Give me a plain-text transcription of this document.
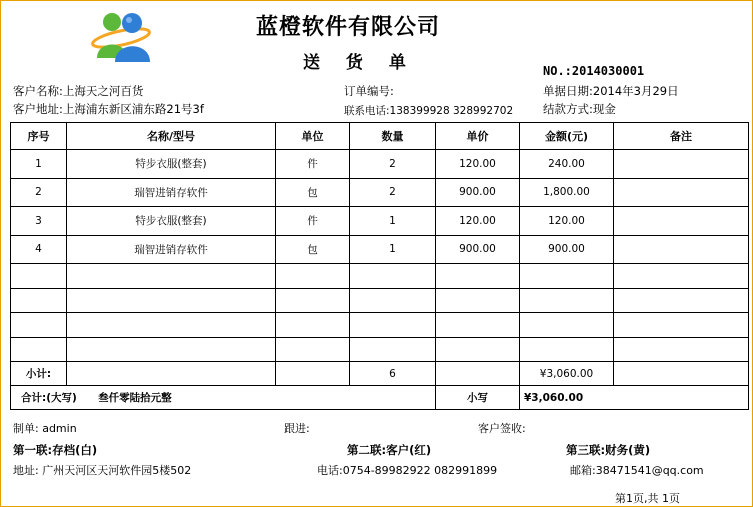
蓝橙软件有限公司
送 货 单	NO.:2014030001
客户名称:上海天之河百货	订单编号:	单据日期:2014年3月29日
客户地址:上海浦东新区浦东路21号3f	联系电话:138399928 328992702	结款方式:现金
序号	名称/型号	单位	数量	单价	金额(元)	备注
1	特步衣服(整套)	件	2	120.00	240.00	
2	瑞智进销存软件	包	2	900.00	1,800.00	
3	特步衣服(整套)	件	1	120.00	120.00	
4	瑞智进销存软件	包	1	900.00	900.00	

小计:			6		¥3,060.00	
合计:(大写) 叁仟零陆拾元整				小写	¥3,060.00	
制单: admin	跟进:	客户签收:
第一联:存档(白)	第二联:客户(红)	第三联:财务(黄)
地址: 广州天河区天河软件园5楼502	电话:0754-89982922 082991899	邮箱:38471541@qq.com
第1页,共 1页
